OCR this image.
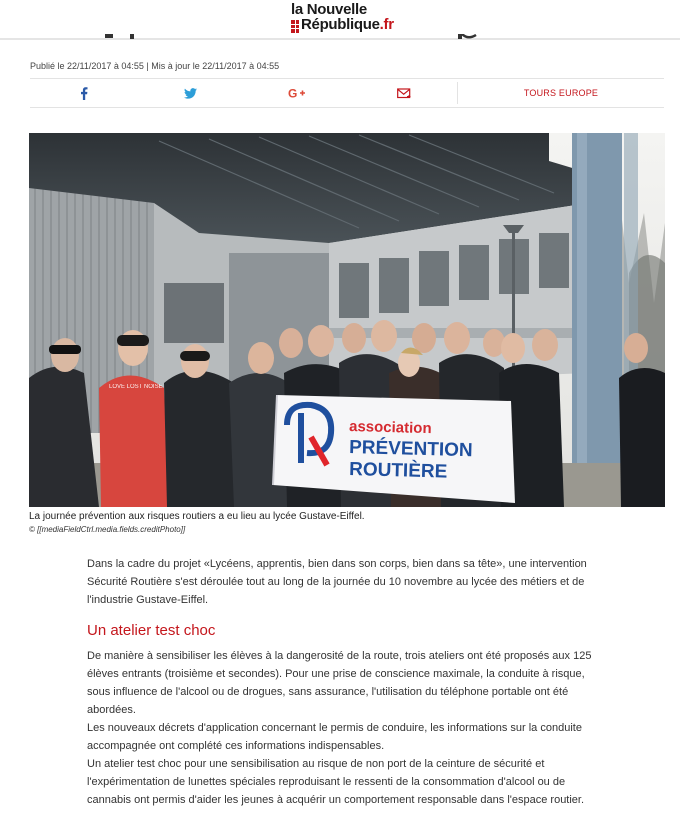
la Nouvelle
République.fr
Publié le 22/11/2017 à 04:55 | Mis à jour le 22/11/2017 à 04:55
G	TOURS EUROPE
LOVE LOST NOISE
association
PRÉVENTION
ROUTIÈRE
La journée prévention aux risques routiers a eu lieu au lycée Gustave-Eiffel.
© [[mediaFieldCtrl.media.fields.creditPhoto]]
Dans la cadre du projet «Lycéens, apprentis, bien dans son corps, bien dans sa tête», une intervention
Sécurité Routière s'est déroulée tout au long de la journée du 10 novembre au lycée des métiers et de
l'industrie Gustave-Eiffel.
Un atelier test choc
De manière à sensibiliser les élèves à la dangerosité de la route, trois ateliers ont été proposés aux 125
élèves entrants (troisième et secondes). Pour une prise de conscience maximale, la conduite à risque,
sous influence de l'alcool ou de drogues, sans assurance, l'utilisation du téléphone portable ont été
abordées.
Les nouveaux décrets d'application concernant le permis de conduire, les informations sur la conduite
accompagnée ont complété ces informations indispensables.
Un atelier test choc pour une sensibilisation au risque de non port de la ceinture de sécurité et
l'expérimentation de lunettes spéciales reproduisant le ressenti de la consommation d'alcool ou de
cannabis ont permis d'aider les jeunes à acquérir un comportement responsable dans l'espace routier.
